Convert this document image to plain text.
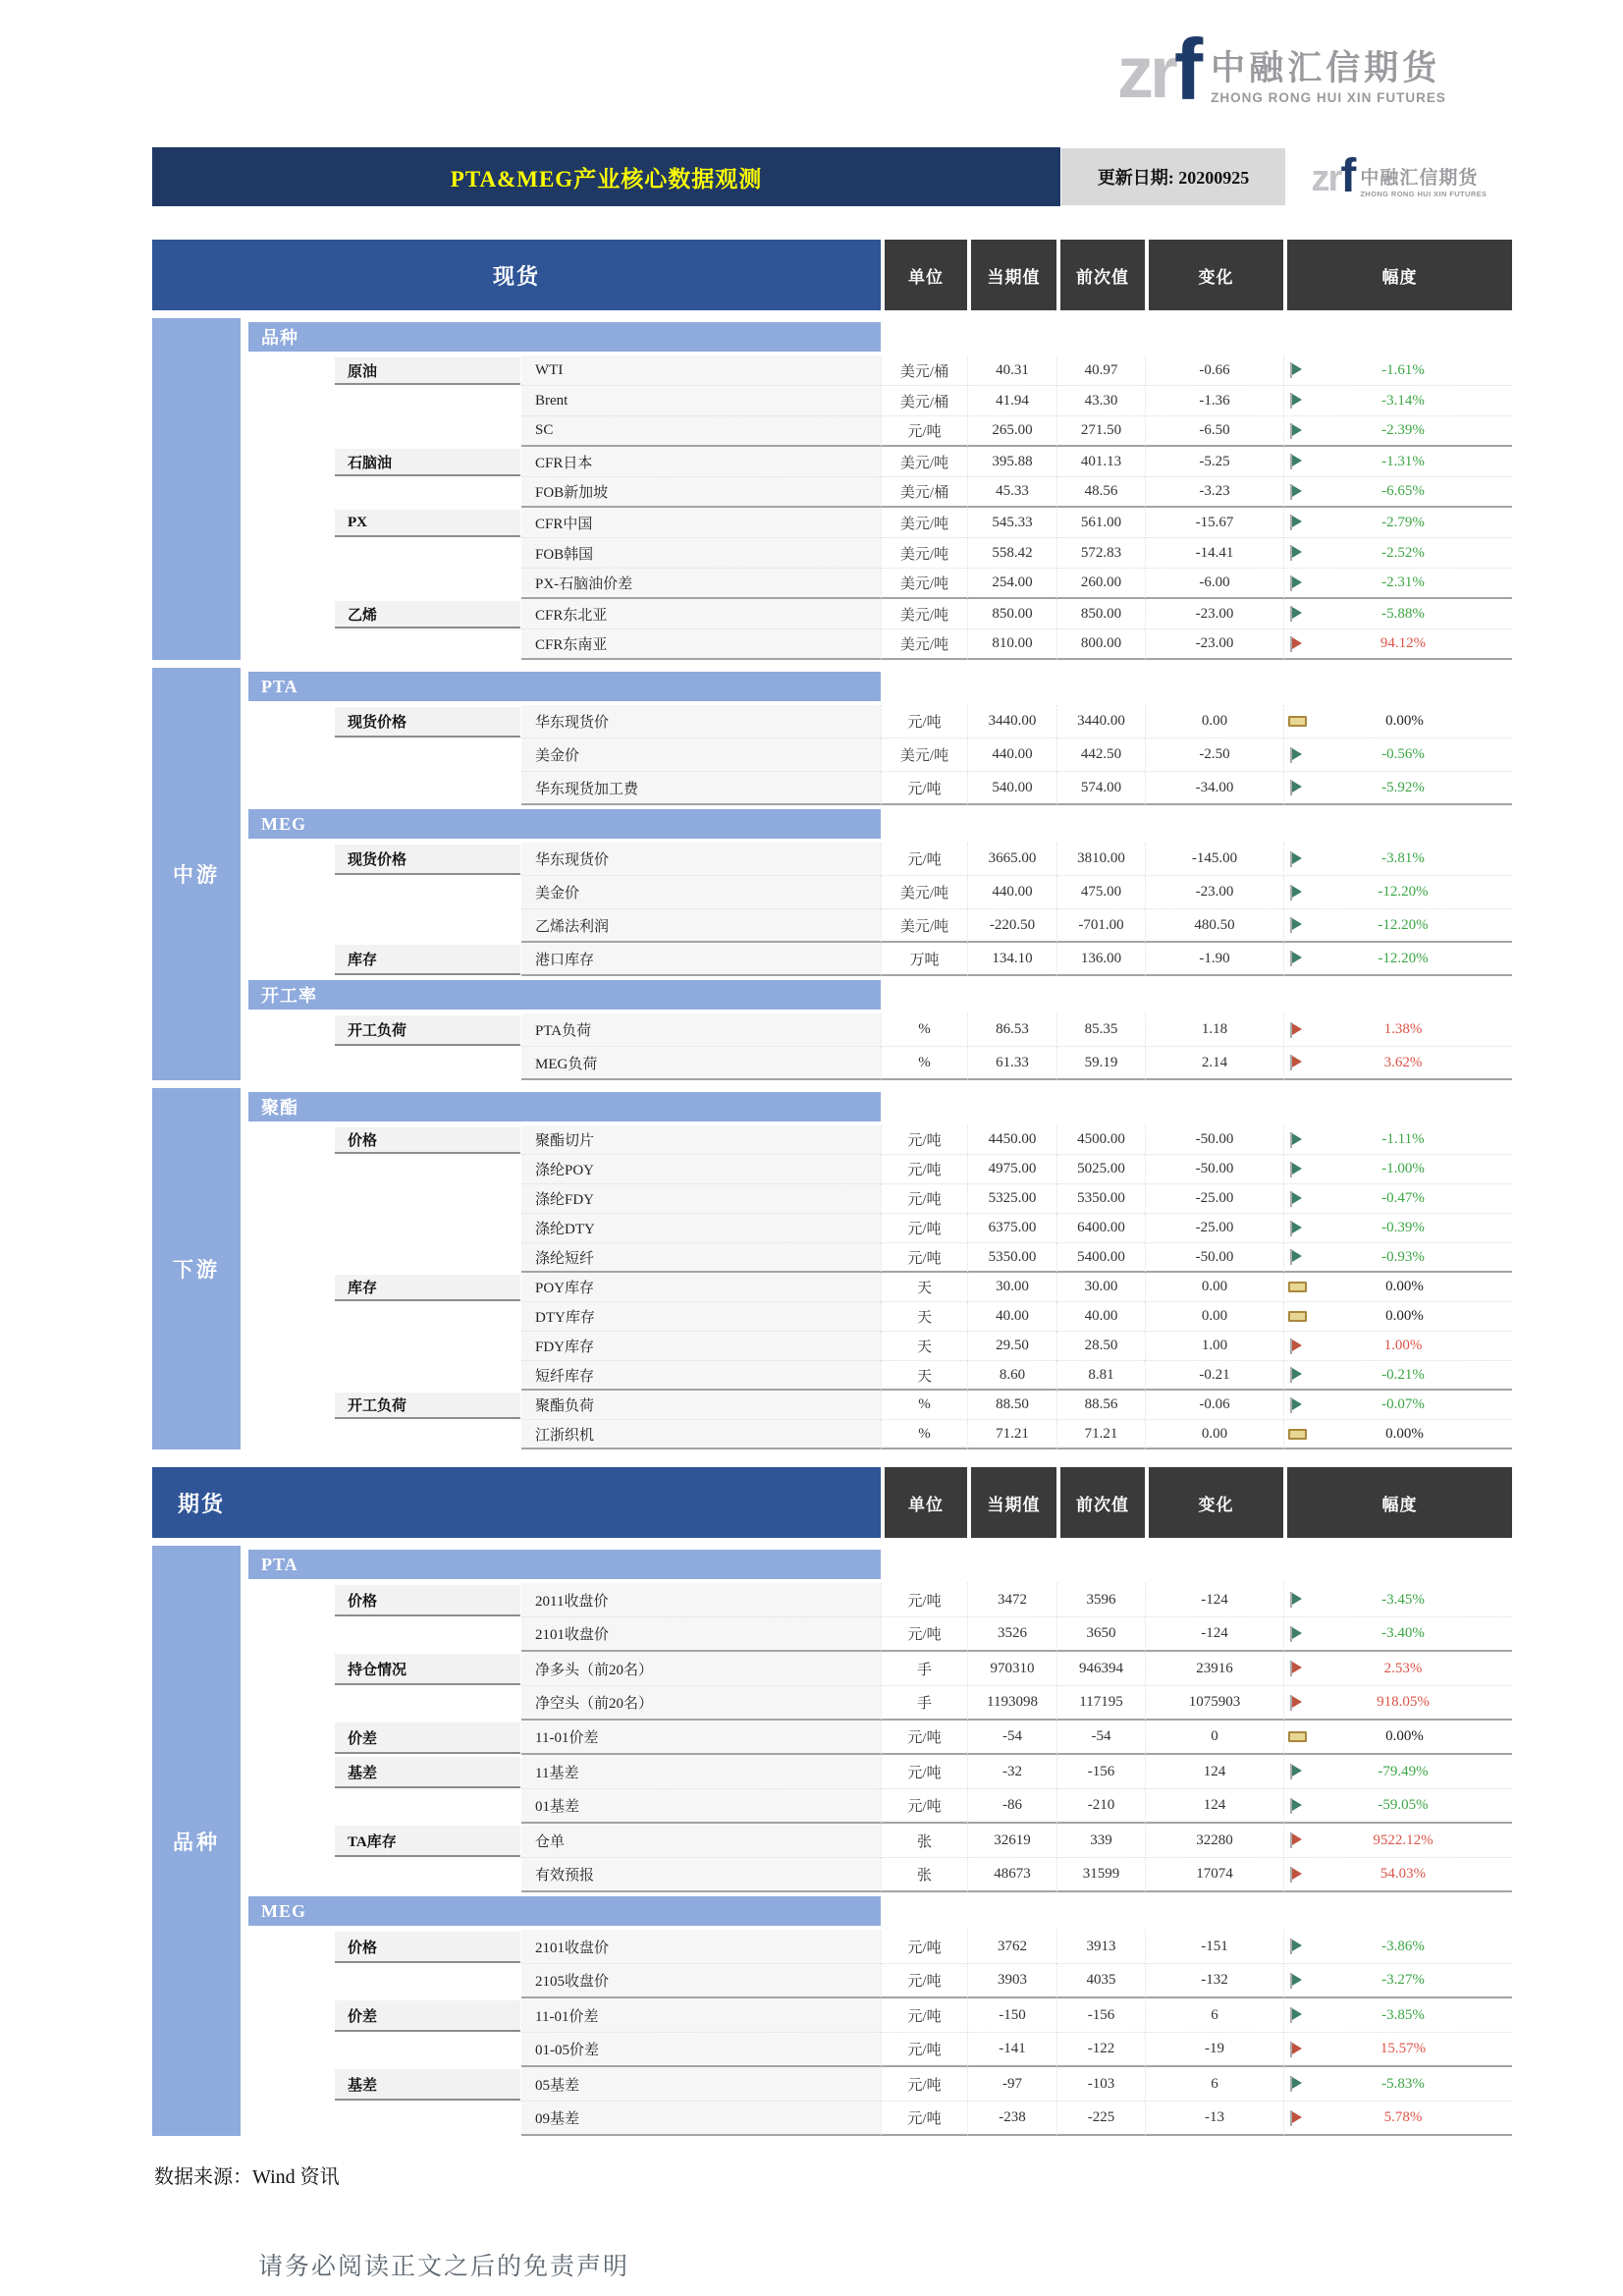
zr f 中融汇信期货
ZHONG RONG HUI XIN FUTURES
PTA&MEG产业核心数据观测	更新日期: 20200925	zr f 中融汇信期货
ZHONG RONG HUI XIN FUTURES
现货	单位	当期值	前次值	变化	幅度
品种
原油	WTI	美元/桶	40.31	40.97	-0.66	-1.61%
Brent	美元/桶	41.94	43.30	-1.36	-3.14%
SC	元/吨	265.00	271.50	-6.50	-2.39%
石脑油	CFR日本	美元/吨	395.88	401.13	-5.25	-1.31%
FOB新加坡	美元/桶	45.33	48.56	-3.23	-6.65%
PX	CFR中国	美元/吨	545.33	561.00	-15.67	-2.79%
FOB韩国	美元/吨	558.42	572.83	-14.41	-2.52%
PX-石脑油价差	美元/吨	254.00	260.00	-6.00	-2.31%
乙烯	CFR东北亚	美元/吨	850.00	850.00	-23.00	-5.88%
CFR东南亚	美元/吨	810.00	800.00	-23.00	94.12%
中游
PTA
现货价格	华东现货价	元/吨	3440.00	3440.00	0.00	0.00%
美金价	美元/吨	440.00	442.50	-2.50	-0.56%
华东现货加工费	元/吨	540.00	574.00	-34.00	-5.92%
MEG
现货价格	华东现货价	元/吨	3665.00	3810.00	-145.00	-3.81%
美金价	美元/吨	440.00	475.00	-23.00	-12.20%
乙烯法利润	美元/吨	-220.50	-701.00	480.50	-12.20%
库存	港口库存	万吨	134.10	136.00	-1.90	-12.20%
开工率
开工负荷	PTA负荷	%	86.53	85.35	1.18	1.38%
MEG负荷	%	61.33	59.19	2.14	3.62%
下游
聚酯
价格	聚酯切片	元/吨	4450.00	4500.00	-50.00	-1.11%
涤纶POY	元/吨	4975.00	5025.00	-50.00	-1.00%
涤纶FDY	元/吨	5325.00	5350.00	-25.00	-0.47%
涤纶DTY	元/吨	6375.00	6400.00	-25.00	-0.39%
涤纶短纤	元/吨	5350.00	5400.00	-50.00	-0.93%
库存	POY库存	天	30.00	30.00	0.00	0.00%
DTY库存	天	40.00	40.00	0.00	0.00%
FDY库存	天	29.50	28.50	1.00	1.00%
短纤库存	天	8.60	8.81	-0.21	-0.21%
开工负荷	聚酯负荷	%	88.50	88.56	-0.06	-0.07%
江浙织机	%	71.21	71.21	0.00	0.00%
期货	单位	当期值	前次值	变化	幅度
品种
PTA
价格	2011收盘价	元/吨	3472	3596	-124	-3.45%
2101收盘价	元/吨	3526	3650	-124	-3.40%
持仓情况	净多头（前20名）	手	970310	946394	23916	2.53%
净空头（前20名）	手	1193098	117195	1075903	918.05%
价差	11-01价差	元/吨	-54	-54	0	0.00%
基差	11基差	元/吨	-32	-156	124	-79.49%
01基差	元/吨	-86	-210	124	-59.05%
TA库存	仓单	张	32619	339	32280	9522.12%
有效预报	张	48673	31599	17074	54.03%
MEG
价格	2101收盘价	元/吨	3762	3913	-151	-3.86%
2105收盘价	元/吨	3903	4035	-132	-3.27%
价差	11-01价差	元/吨	-150	-156	6	-3.85%
01-05价差	元/吨	-141	-122	-19	15.57%
基差	05基差	元/吨	-97	-103	6	-5.83%
09基差	元/吨	-238	-225	-13	5.78%
数据来源：Wind 资讯
请务必阅读正文之后的免责声明
